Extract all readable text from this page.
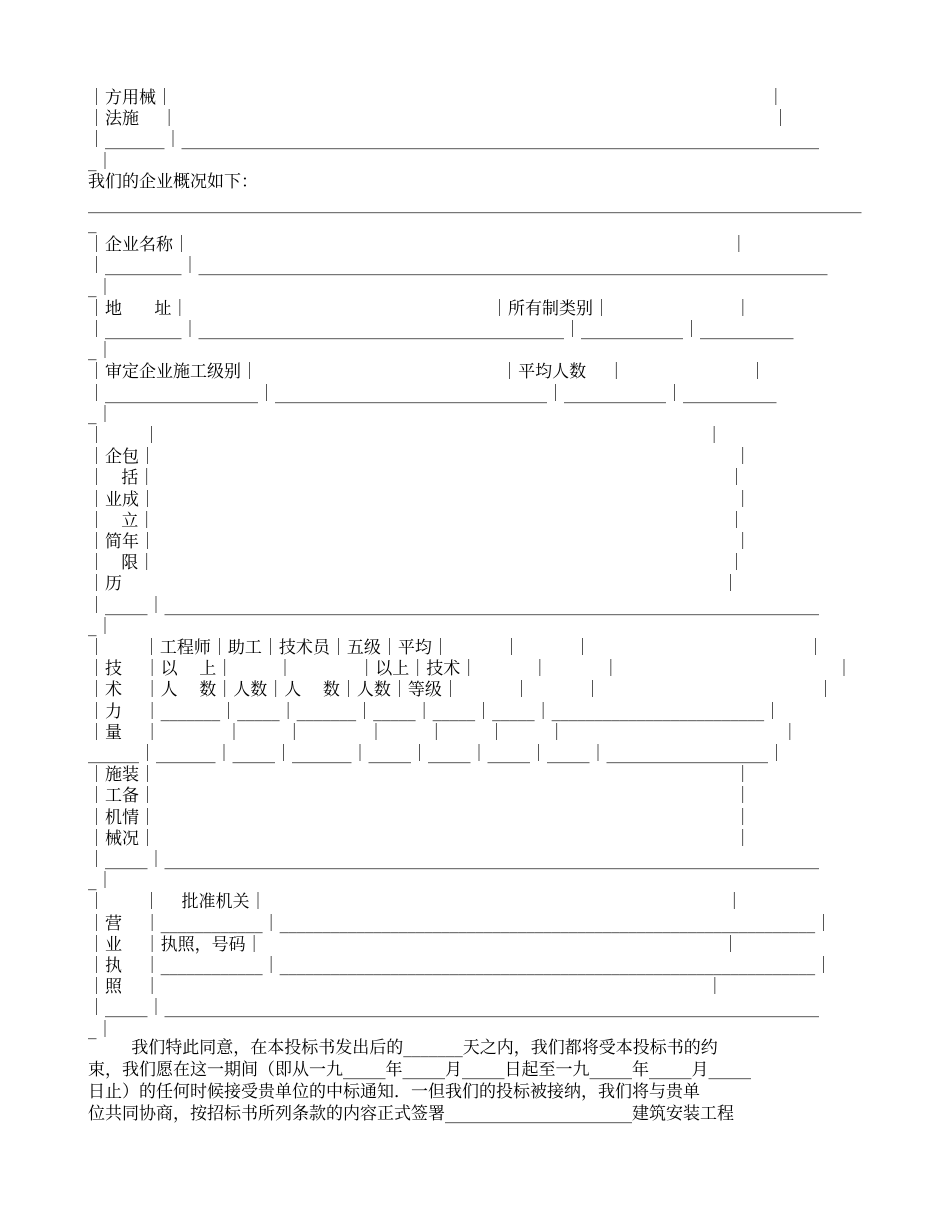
｜方用械｜                                                                                                              ｜
｜法施    ｜                                                                                                              ｜
｜_______｜___________________________________________________________________________
_｜
我们的企业概况如下：
___________________________________________________________________________________________
_
｜企业名称｜                                                                                                    ｜
｜_________｜__________________________________________________________________________
_｜
｜地      址｜                                                        ｜所有制类别｜                       ｜
｜_________｜___________________________________________｜____________｜___________
_｜
｜审定企业施工级别｜                                             ｜平均人数    ｜                       ｜
｜__________________｜________________________________｜____________｜___________
_｜
｜       ｜                                                                                                     ｜
｜企包｜                                                                                                           ｜
｜   括｜                                                                                                          ｜
｜业成｜                                                                                                           ｜
｜   立｜                                                                                                          ｜
｜简年｜                                                                                                           ｜
｜   限｜                                                                                                          ｜
｜历                                                                                                               ｜
｜_____｜_____________________________________________________________________________
_｜
｜       ｜工程师｜助工｜技术员｜五级｜平均｜          ｜          ｜                                        ｜
｜技    ｜以    上｜        ｜            ｜以上｜技术｜          ｜          ｜                                        ｜
｜术    ｜人    数｜人数｜人    数｜人数｜等级｜          ｜          ｜                                        ｜
｜力    ｜_______｜_____｜_______｜_____｜_____｜_____｜_________________________｜
｜量    ｜            ｜        ｜            ｜        ｜        ｜        ｜                                        ｜
______｜_______｜_____｜_______｜_____｜_____｜_____｜_____｜___________________｜
｜施装｜                                                                                                           ｜
｜工备｜                                                                                                           ｜
｜机情｜                                                                                                           ｜
｜械况｜                                                                                                           ｜
｜_____｜_____________________________________________________________________________
_｜
｜       ｜    批准机关｜                                                                                     ｜
｜营    ｜____________｜_______________________________________________________________｜
｜业    ｜执照，号码｜                                                                                     ｜
｜执    ｜____________｜_______________________________________________________________｜
｜照    ｜                                                                                                     ｜
｜_____｜_____________________________________________________________________________
_｜
我们特此同意，在本投标书发出后的_______天之内，我们都将受本投标书的约
束，我们愿在这一期间（即从一九_____年_____月_____日起至一九_____年_____月_____
日止）的任何时候接受贵单位的中标通知．一但我们的投标被接纳，我们将与贵单
位共同协商，按招标书所列条款的内容正式签署______________________建筑安装工程
